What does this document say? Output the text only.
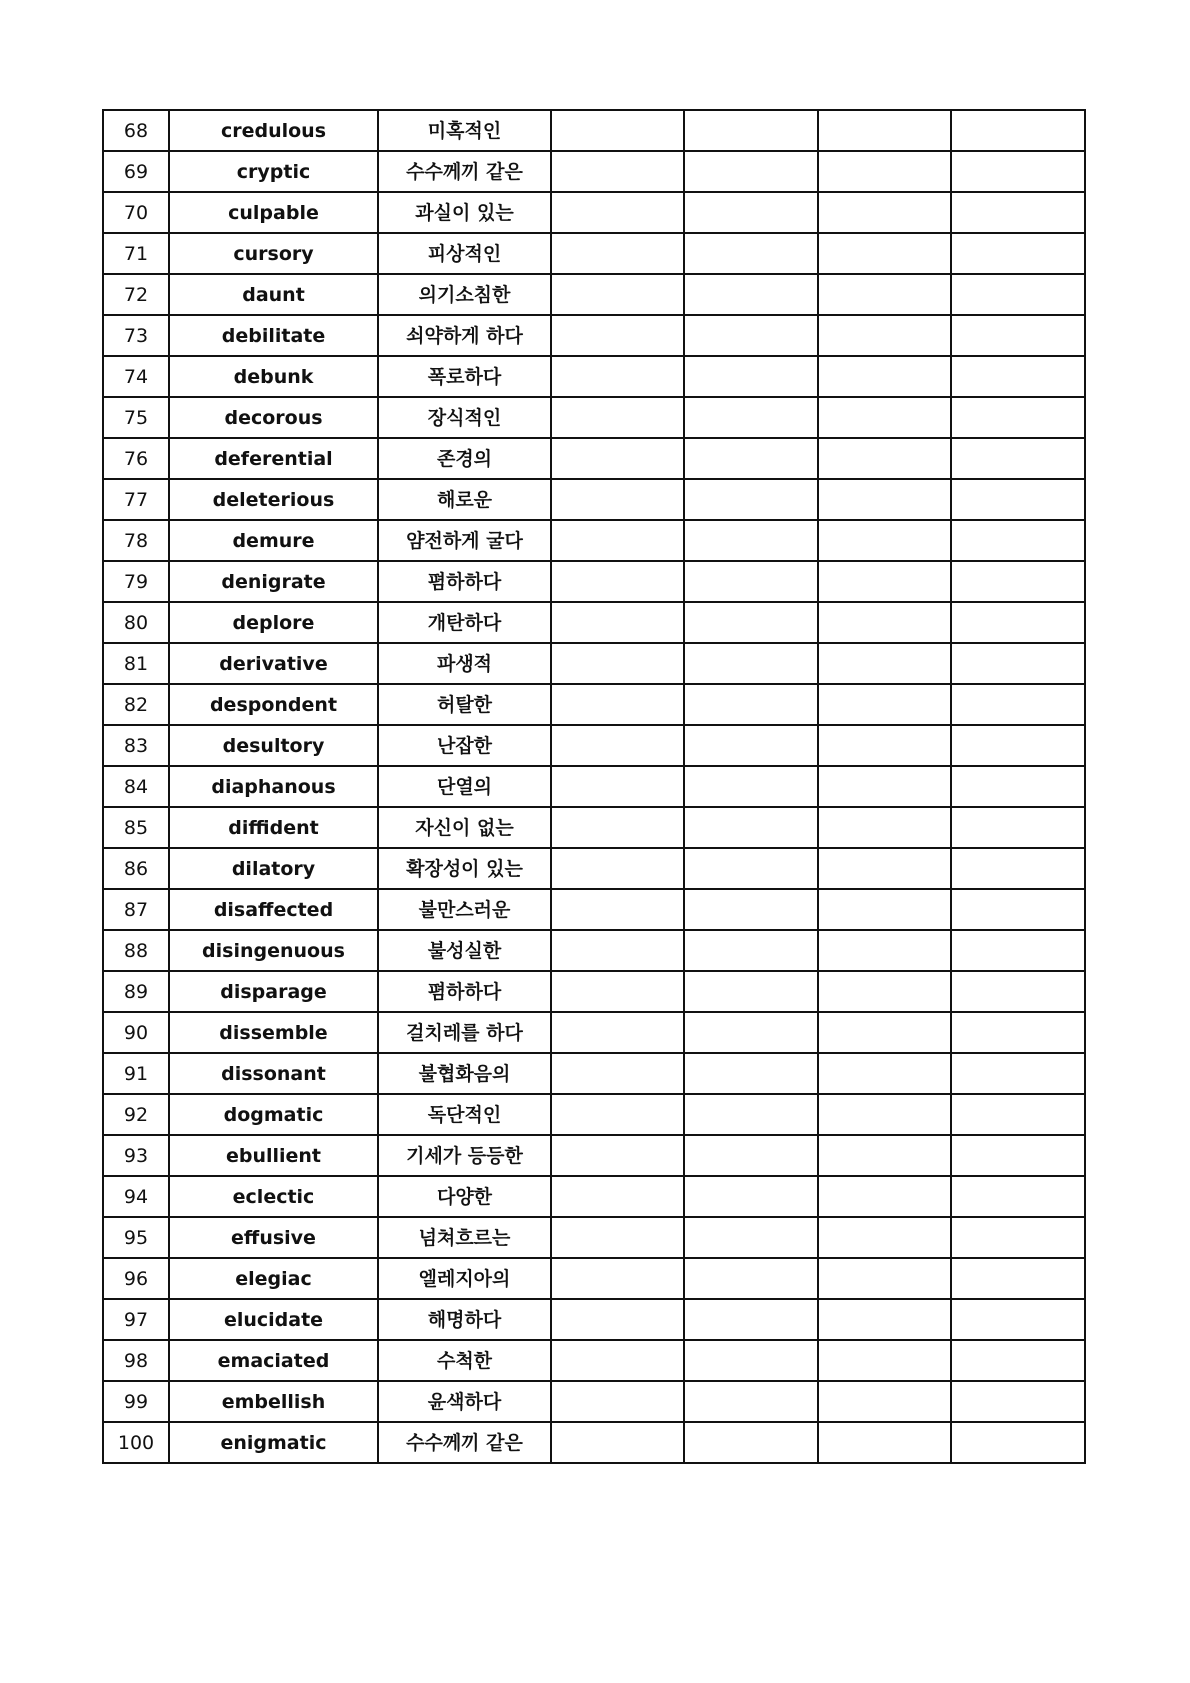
68	credulous	미혹적인				
69	cryptic	수수께끼 같은				
70	culpable	과실이 있는				
71	cursory	피상적인				
72	daunt	의기소침한				
73	debilitate	쇠약하게 하다				
74	debunk	폭로하다				
75	decorous	장식적인				
76	deferential	존경의				
77	deleterious	해로운				
78	demure	얌전하게 굴다				
79	denigrate	폄하하다				
80	deplore	개탄하다				
81	derivative	파생적				
82	despondent	허탈한				
83	desultory	난잡한				
84	diaphanous	단열의				
85	diffident	자신이 없는				
86	dilatory	확장성이 있는				
87	disaffected	불만스러운				
88	disingenuous	불성실한				
89	disparage	폄하하다				
90	dissemble	걸치레를 하다				
91	dissonant	불협화음의				
92	dogmatic	독단적인				
93	ebullient	기세가 등등한				
94	eclectic	다양한				
95	effusive	넘쳐흐르는				
96	elegiac	엘레지아의				
97	elucidate	해명하다				
98	emaciated	수척한				
99	embellish	윤색하다				
100	enigmatic	수수께끼 같은				
